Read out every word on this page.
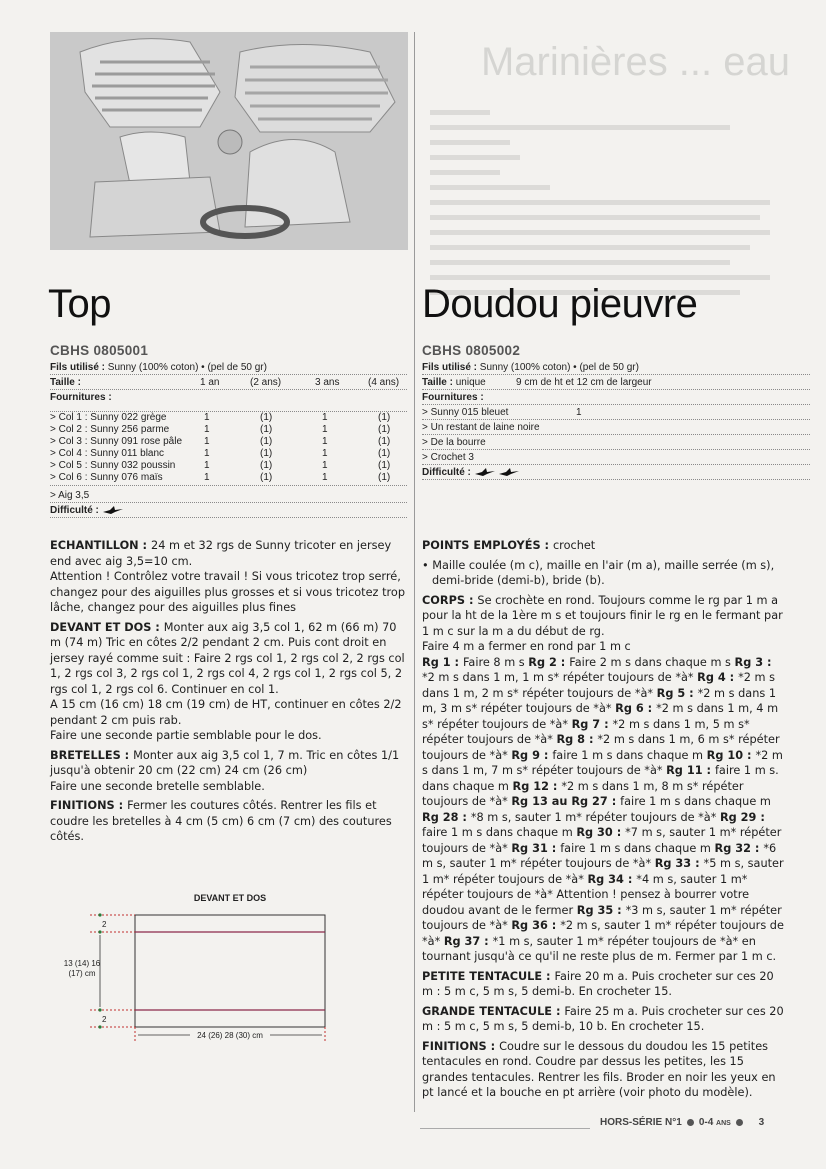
Marinières ... eau
Top
CBHS 0805001
Fils utilisé : Sunny (100% coton) • (pel de 50 gr)
Taille :	1 an	(2 ans)	3 ans	(4 ans)
Fournitures :
> Col 1 : Sunny 022 grège	1	(1)	1	(1)
> Col 2 : Sunny 256 parme	1	(1)	1	(1)
> Col 3 : Sunny 091 rose pâle 1	(1)	1	(1)
> Col 4 : Sunny 011 blanc	1	(1)	1	(1)
> Col 5 : Sunny 032 poussin	1	(1)	1	(1)
> Col 6 : Sunny 076 maïs	1	(1)	1	(1)
> Aig 3,5
Difficulté :

ECHANTILLON : 24 m et 32 rgs de Sunny tricoter en jersey end avec aig 3,5=10 cm.
Attention ! Contrôlez votre travail ! Si vous tricotez trop serré, changez pour des aiguilles plus grosses et si vous tricotez trop lâche, changez pour des aiguilles plus fines

DEVANT ET DOS : Monter aux aig 3,5 col 1, 62 m (66 m) 70 m (74 m) Tric en côtes 2/2 pendant 2 cm. Puis cont droit en jersey rayé comme suit : Faire 2 rgs col 1, 2 rgs col 2, 2 rgs col 1, 2 rgs col 3, 2 rgs col 1, 2 rgs col 4, 2 rgs col 1, 2 rgs col 5, 2 rgs col 1, 2 rgs col 6. Continuer en col 1.
A 15 cm (16 cm) 18 cm (19 cm) de HT, continuer en côtes 2/2 pendant 2 cm puis rab.
Faire une seconde partie semblable pour le dos.

BRETELLES : Monter aux aig 3,5 col 1, 7 m. Tric en côtes 1/1 jusqu'à obtenir 20 cm (22 cm) 24 cm (26 cm)
Faire une seconde bretelle semblable.

FINITIONS : Fermer les coutures côtés. Rentrer les fils et coudre les bretelles à 4 cm (5 cm) 6 cm (7 cm) des coutures côtés.

DEVANT ET DOS
2
13 (14) 16
(17) cm
2
24 (26) 28 (30) cm
Doudou pieuvre
CBHS 0805002
Fils utilisé : Sunny (100% coton) • (pel de 50 gr)
Taille : unique	9 cm de ht et 12 cm de largeur
Fournitures :
> Sunny 015 bleuet	1
> Un restant de laine noire
> De la bourre
> Crochet 3
Difficulté :

POINTS EMPLOYÉS : crochet

• Maille coulée (m c), maille en l'air (m a), maille serrée (m s), demi-bride (demi-b), bride (b).

CORPS : Se crochète en rond. Toujours comme le rg par 1 m a pour la ht de la 1ère m s et toujours finir le rg en le fermant par 1 m c sur la m a du début de rg.
Faire 4 m a fermer en rond par 1 m c
Rg 1 : Faire 8 m s Rg 2 : Faire 2 m s dans chaque m s Rg 3 : *2 m s dans 1 m, 1 m s* répéter toujours de *à* Rg 4 : *2 m s dans 1 m, 2 m s* répéter toujours de *à* Rg 5 : *2 m s dans 1 m, 3 m s* répéter toujours de *à* Rg 6 : *2 m s dans 1 m, 4 m s* répéter toujours de *à* Rg 7 : *2 m s dans 1 m, 5 m s* répéter toujours de *à* Rg 8 : *2 m s dans 1 m, 6 m s* répéter toujours de *à* Rg 9 : faire 1 m s dans chaque m Rg 10 : *2 m s dans 1 m, 7 m s* répéter toujours de *à* Rg 11 : faire 1 m s. dans chaque m Rg 12 : *2 m s dans 1 m, 8 m s* répéter toujours de *à* Rg 13 au Rg 27 : faire 1 m s dans chaque m Rg 28 : *8 m s, sauter 1 m* répéter toujours de *à* Rg 29 : faire 1 m s dans chaque m Rg 30 : *7 m s, sauter 1 m* répéter toujours de *à* Rg 31 : faire 1 m s dans chaque m Rg 32 : *6 m s, sauter 1 m* répéter toujours de *à* Rg 33 : *5 m s, sauter 1 m* répéter toujours de *à* Rg 34 : *4 m s, sauter 1 m* répéter toujours de *à* Attention ! pensez à bourrer votre doudou avant de le fermer Rg 35 : *3 m s, sauter 1 m* répéter toujours de *à* Rg 36 : *2 m s, sauter 1 m* répéter toujours de *à* Rg 37 : *1 m s, sauter 1 m* répéter toujours de *à* en tournant jusqu'à ce qu'il ne reste plus de m. Fermer par 1 m c.

PETITE TENTACULE : Faire 20 m a. Puis crocheter sur ces 20 m : 5 m c, 5 m s, 5 demi-b. En crocheter 15.

GRANDE TENTACULE : Faire 25 m a. Puis crocheter sur ces 20 m : 5 m c, 5 m s, 5 demi-b, 10 b. En crocheter 15.

FINITIONS : Coudre sur le dessous du doudou les 15 petites tentacules en rond. Coudre par dessus les petites, les 15 grandes tentacules. Rentrer les fils. Broder en noir les yeux en pt lancé et la bouche en pt arrière (voir photo du modèle).

HORS-SÉRIE N°1 0-4 ANS	3
